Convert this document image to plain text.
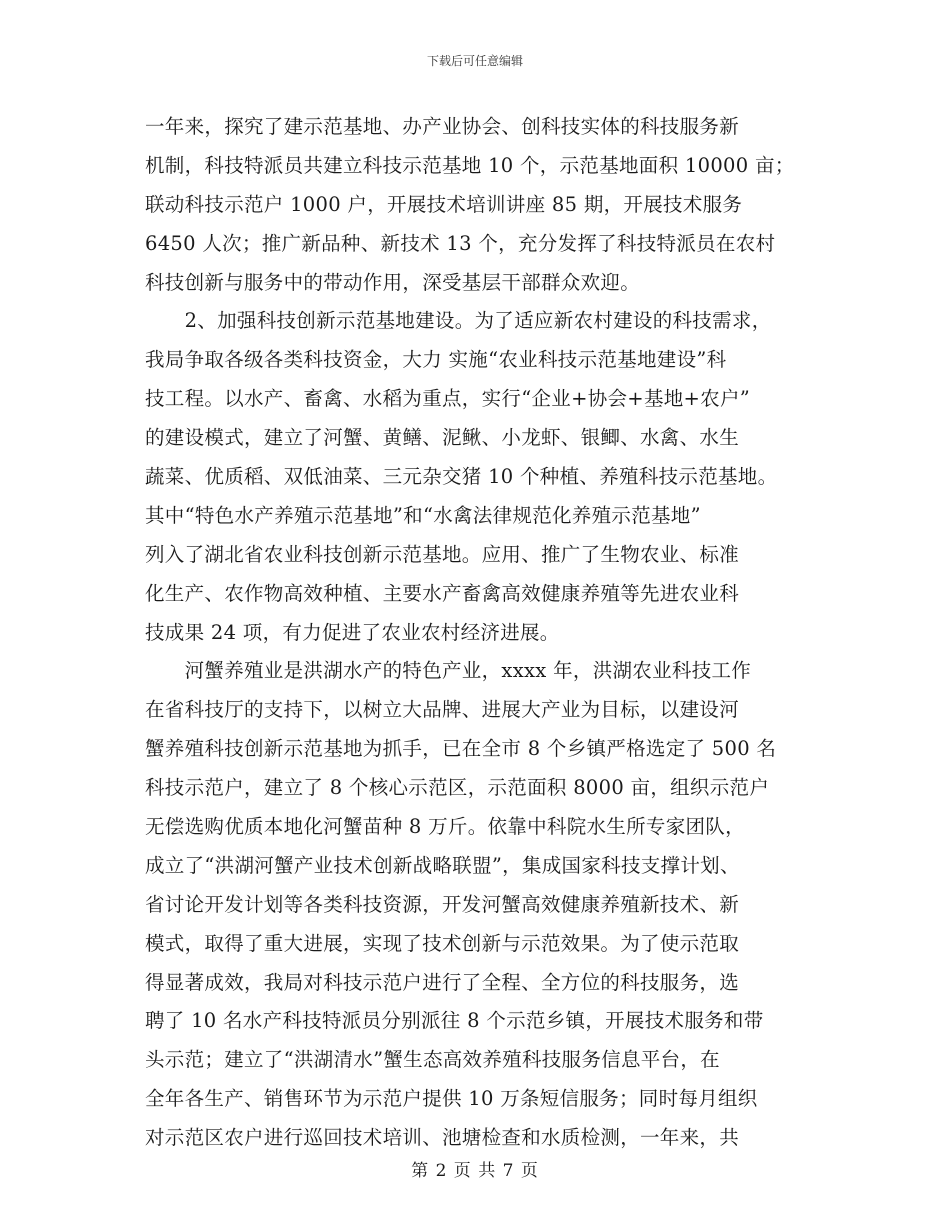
下载后可任意编辑
一年来，探究了建示范基地、办产业协会、创科技实体的科技服务新
机制，科技特派员共建立科技示范基地 10 个，示范基地面积 10000 亩；
联动科技示范户 1000 户，开展技术培训讲座 85 期，开展技术服务
6450 人次；推广新品种、新技术 13 个，充分发挥了科技特派员在农村
科技创新与服务中的带动作用，深受基层干部群众欢迎。
　　2、加强科技创新示范基地建设。为了适应新农村建设的科技需求，
我局争取各级各类科技资金，大力 实施“农业科技示范基地建设”科
技工程。以水产、畜禽、水稻为重点，实行“企业+协会+基地+农户”
的建设模式，建立了河蟹、黄鳝、泥鳅、小龙虾、银鲫、水禽、水生
蔬菜、优质稻、双低油菜、三元杂交猪 10 个种植、养殖科技示范基地。
其中“特色水产养殖示范基地”和“水禽法律规范化养殖示范基地”
列入了湖北省农业科技创新示范基地。应用、推广了生物农业、标准
化生产、农作物高效种植、主要水产畜禽高效健康养殖等先进农业科
技成果 24 项，有力促进了农业农村经济进展。
　　河蟹养殖业是洪湖水产的特色产业，xxxx 年，洪湖农业科技工作
在省科技厅的支持下，以树立大品牌、进展大产业为目标，以建设河
蟹养殖科技创新示范基地为抓手，已在全市 8 个乡镇严格选定了 500 名
科技示范户，建立了 8 个核心示范区，示范面积 8000 亩，组织示范户
无偿选购优质本地化河蟹苗种 8 万斤。依靠中科院水生所专家团队，
成立了“洪湖河蟹产业技术创新战略联盟”，集成国家科技支撑计划、
省讨论开发计划等各类科技资源，开发河蟹高效健康养殖新技术、新
模式，取得了重大进展，实现了技术创新与示范效果。为了使示范取
得显著成效，我局对科技示范户进行了全程、全方位的科技服务，选
聘了 10 名水产科技特派员分别派往 8 个示范乡镇，开展技术服务和带
头示范；建立了“洪湖清水”蟹生态高效养殖科技服务信息平台，在
全年各生产、销售环节为示范户提供 10 万条短信服务；同时每月组织
对示范区农户进行巡回技术培训、池塘检查和水质检测，一年来，共
第 2 页 共 7 页
